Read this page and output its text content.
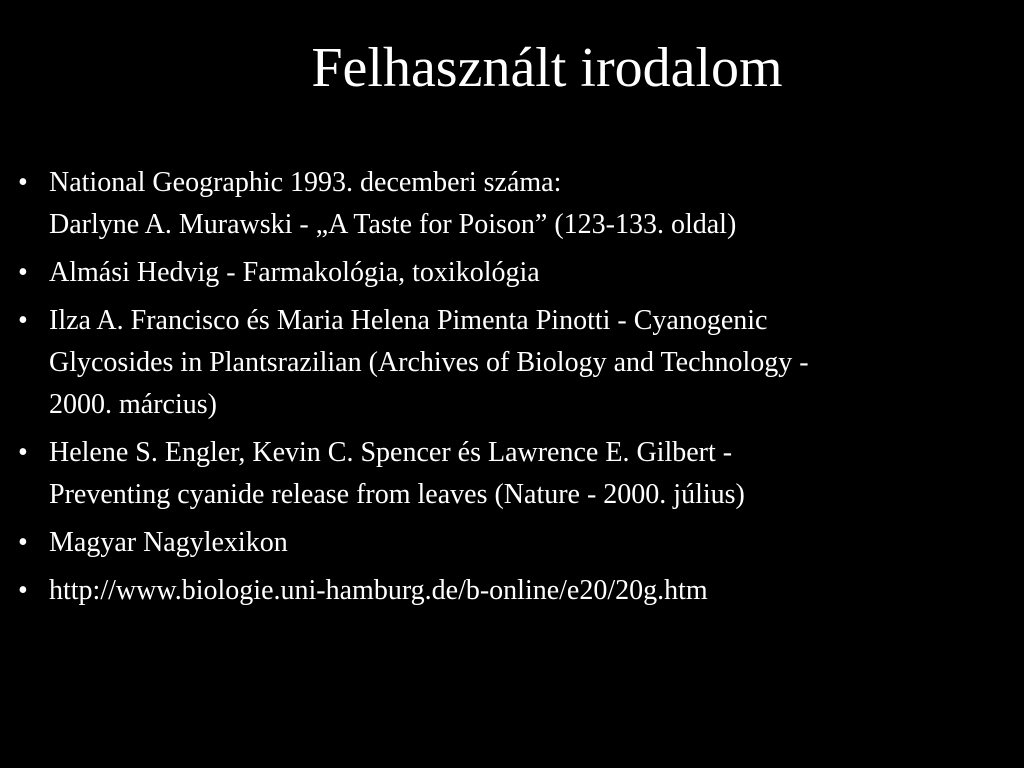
Felhasznált irodalom
• National Geographic 1993. decemberi száma:
Darlyne A. Murawski - „A Taste for Poison” (123-133. oldal)
• Almási Hedvig - Farmakológia, toxikológia
• Ilza A. Francisco és Maria Helena Pimenta Pinotti - Cyanogenic
Glycosides in Plantsrazilian (Archives of Biology and Technology -
2000. március)
• Helene S. Engler, Kevin C. Spencer és Lawrence E. Gilbert -
Preventing cyanide release from leaves (Nature - 2000. július)
• Magyar Nagylexikon
• http://www.biologie.uni-hamburg.de/b-online/e20/20g.htm
